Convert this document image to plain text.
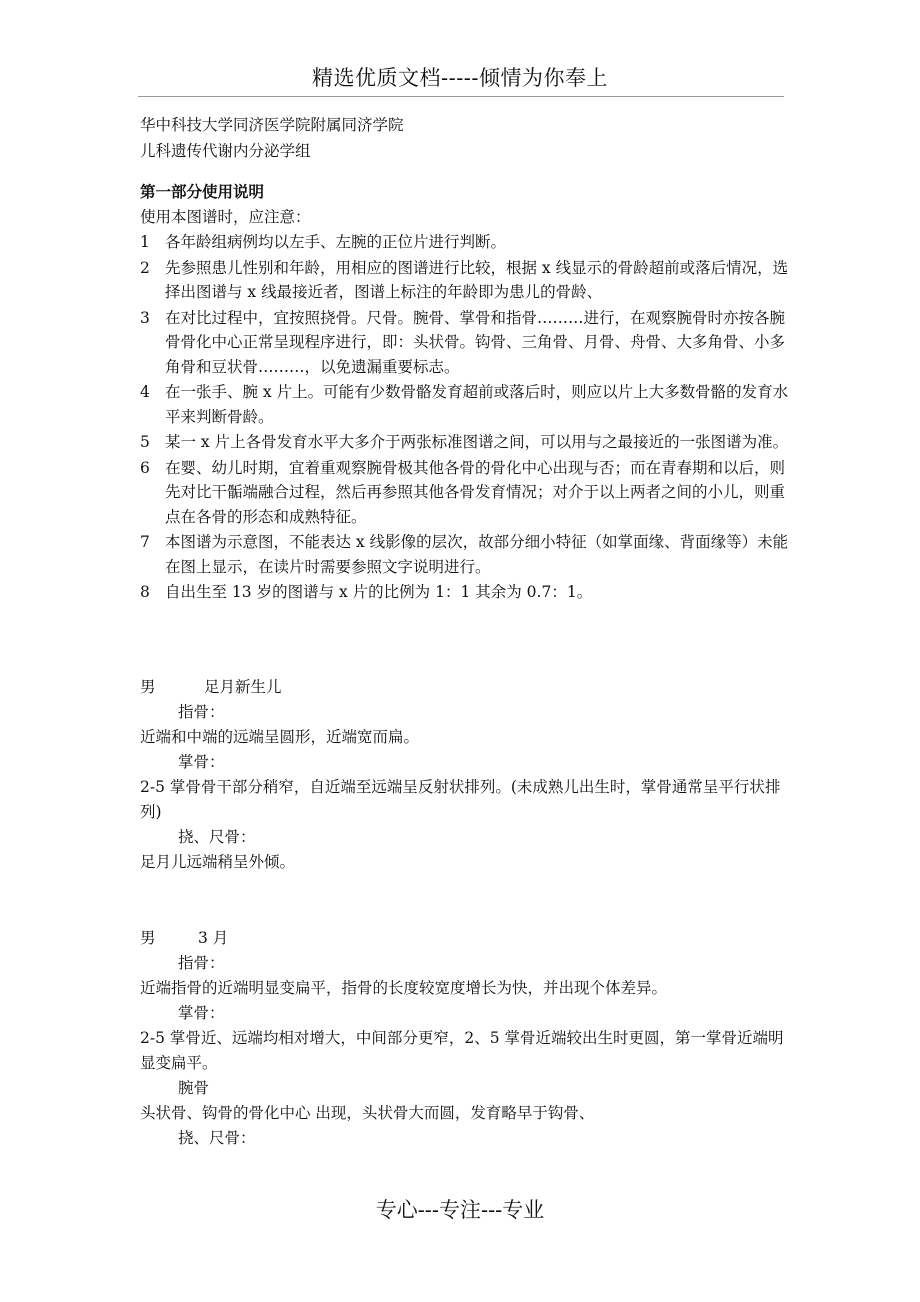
精选优质文档-----倾情为你奉上
华中科技大学同济医学院附属同济学院
儿科遗传代谢内分泌学组
第一部分使用说明
使用本图谱时，应注意：
1 各年龄组病例均以左手、左腕的正位片进行判断。
2 先参照患儿性别和年龄，用相应的图谱进行比较，根据 x 线显示的骨龄超前或落后情况，选择出图谱与 x 线最接近者，图谱上标注的年龄即为患儿的骨龄、
3 在对比过程中，宜按照挠骨。尺骨。腕骨、掌骨和指骨………进行，在观察腕骨时亦按各腕骨骨化中心正常呈现程序进行，即：头状骨。钩骨、三角骨、月骨、舟骨、大多角骨、小多角骨和豆状骨………，以免遗漏重要标志。
4 在一张手、腕 x 片上。可能有少数骨骼发育超前或落后时，则应以片上大多数骨骼的发育水平来判断骨龄。
5 某一 x 片上各骨发育水平大多介于两张标准图谱之间，可以用与之最接近的一张图谱为准。
6 在婴、幼儿时期，宜着重观察腕骨极其他各骨的骨化中心出现与否；而在青春期和以后，则先对比干骺端融合过程，然后再参照其他各骨发育情况；对介于以上两者之间的小儿，则重点在各骨的形态和成熟特征。
7 本图谱为示意图，不能表达 x 线影像的层次，故部分细小特征（如掌面缘、背面缘等）未能在图上显示，在读片时需要参照文字说明进行。
8 自出生至 13 岁的图谱与 x 片的比例为 1：1 其余为 0.7：1。
男	足月新生儿
指骨：
近端和中端的远端呈圆形，近端宽而扁。
掌骨：
2-5 掌骨骨干部分稍窄，自近端至远端呈反射状排列。(未成熟儿出生时，掌骨通常呈平行状排列)
挠、尺骨：
足月儿远端稍呈外倾。
男	3 月
指骨：
近端指骨的近端明显变扁平，指骨的长度较宽度增长为快，并出现个体差异。
掌骨：
2-5 掌骨近、远端均相对增大，中间部分更窄，2、5 掌骨近端较出生时更圆，第一掌骨近端明显变扁平。
腕骨
头状骨、钩骨的骨化中心 出现，头状骨大而圆，发育略早于钩骨、
挠、尺骨：
专心---专注---专业
